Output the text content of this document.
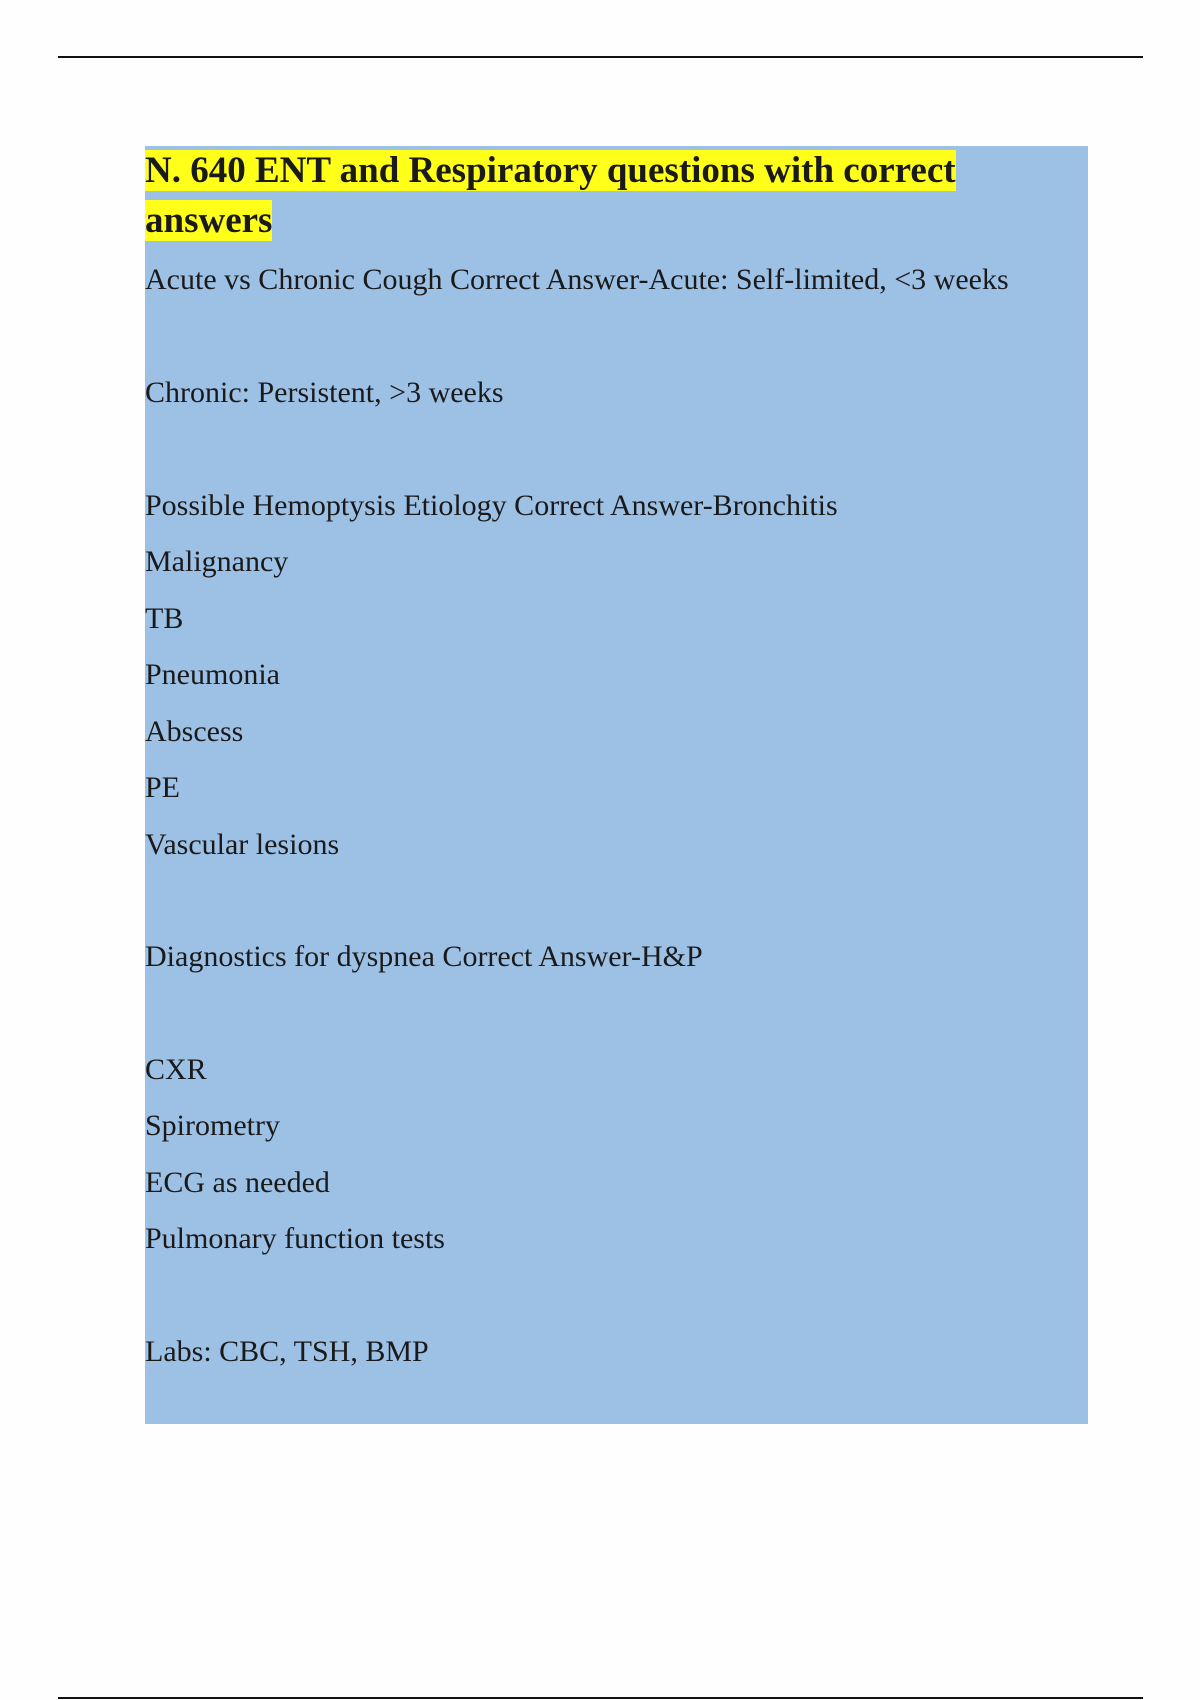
N. 640 ENT and Respiratory questions with correct answers
Acute vs Chronic Cough Correct Answer-Acute: Self-limited, <3 weeks
Chronic: Persistent, >3 weeks
Possible Hemoptysis Etiology Correct Answer-Bronchitis
Malignancy
TB
Pneumonia
Abscess
PE
Vascular lesions
Diagnostics for dyspnea Correct Answer-H&P
CXR
Spirometry
ECG as needed
Pulmonary function tests
Labs: CBC, TSH, BMP
